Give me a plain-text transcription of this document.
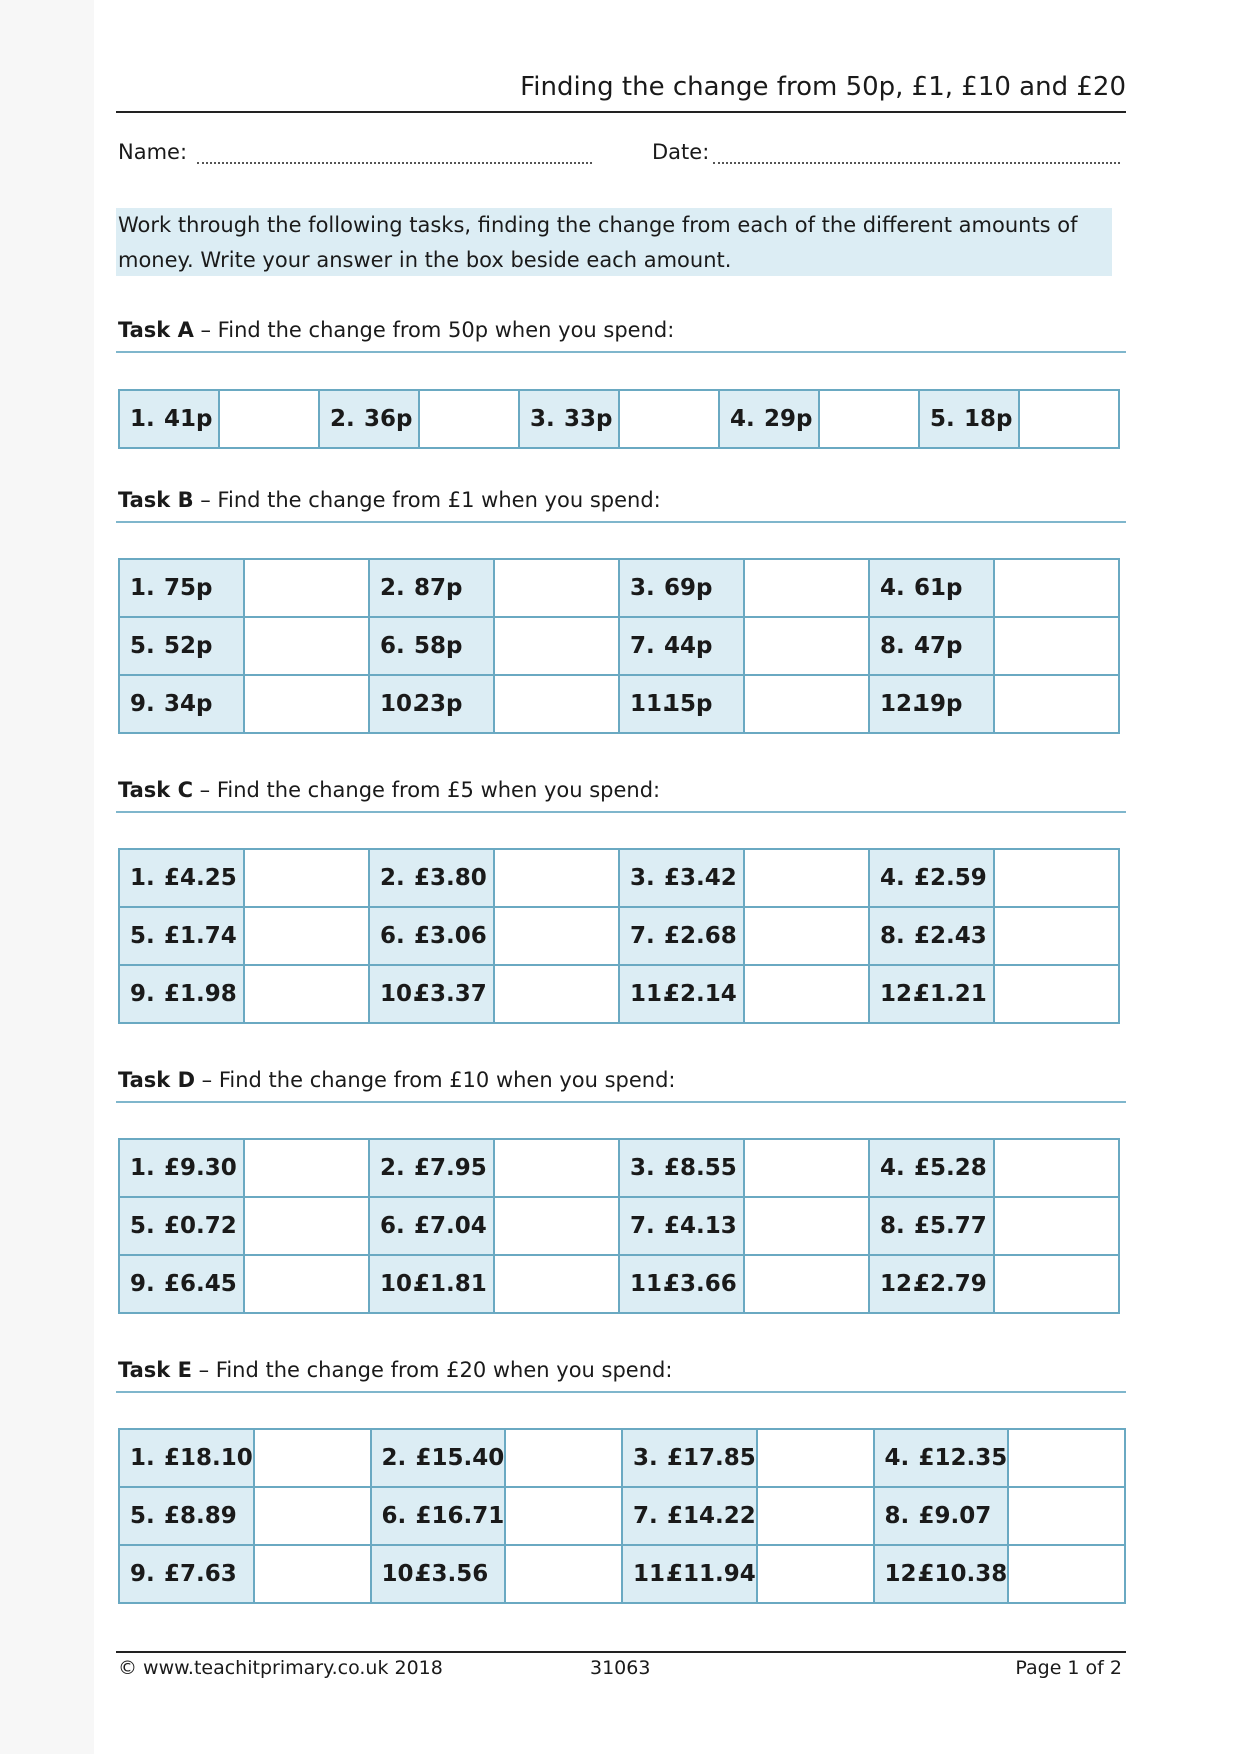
Finding the change from 50p, £1, £10 and £20
Name:	Date:
Work through the following tasks, finding the change from each of the different amounts of money. Write your answer in the box beside each amount.
Task A – Find the change from 50p when you spend:
1. 41p		2. 36p		3. 33p		4. 29p		5. 18p	
Task B – Find the change from £1 when you spend:
1. 75p		2. 87p		3. 69p		4. 61p	
5. 52p		6. 58p		7. 44p		8. 47p	
9. 34p		10.23p		11.15p		12.19p	
Task C – Find the change from £5 when you spend:
1. £4.25		2. £3.80		3. £3.42		4. £2.59	
5. £1.74		6. £3.06		7. £2.68		8. £2.43	
9. £1.98		10.£3.37		11.£2.14		12.£1.21	
Task D – Find the change from £10 when you spend:
1. £9.30		2. £7.95		3. £8.55		4. £5.28	
5. £0.72		6. £7.04		7. £4.13		8. £5.77	
9. £6.45		10.£1.81		11.£3.66		12.£2.79	
Task E – Find the change from £20 when you spend:
1. £18.10		2. £15.40		3. £17.85		4. £12.35	
5. £8.89		6. £16.71		7. £14.22		8. £9.07	
9. £7.63		10.£3.56		11.£11.94		12.£10.38	
© www.teachitprimary.co.uk 2018	31063	Page 1 of 2
